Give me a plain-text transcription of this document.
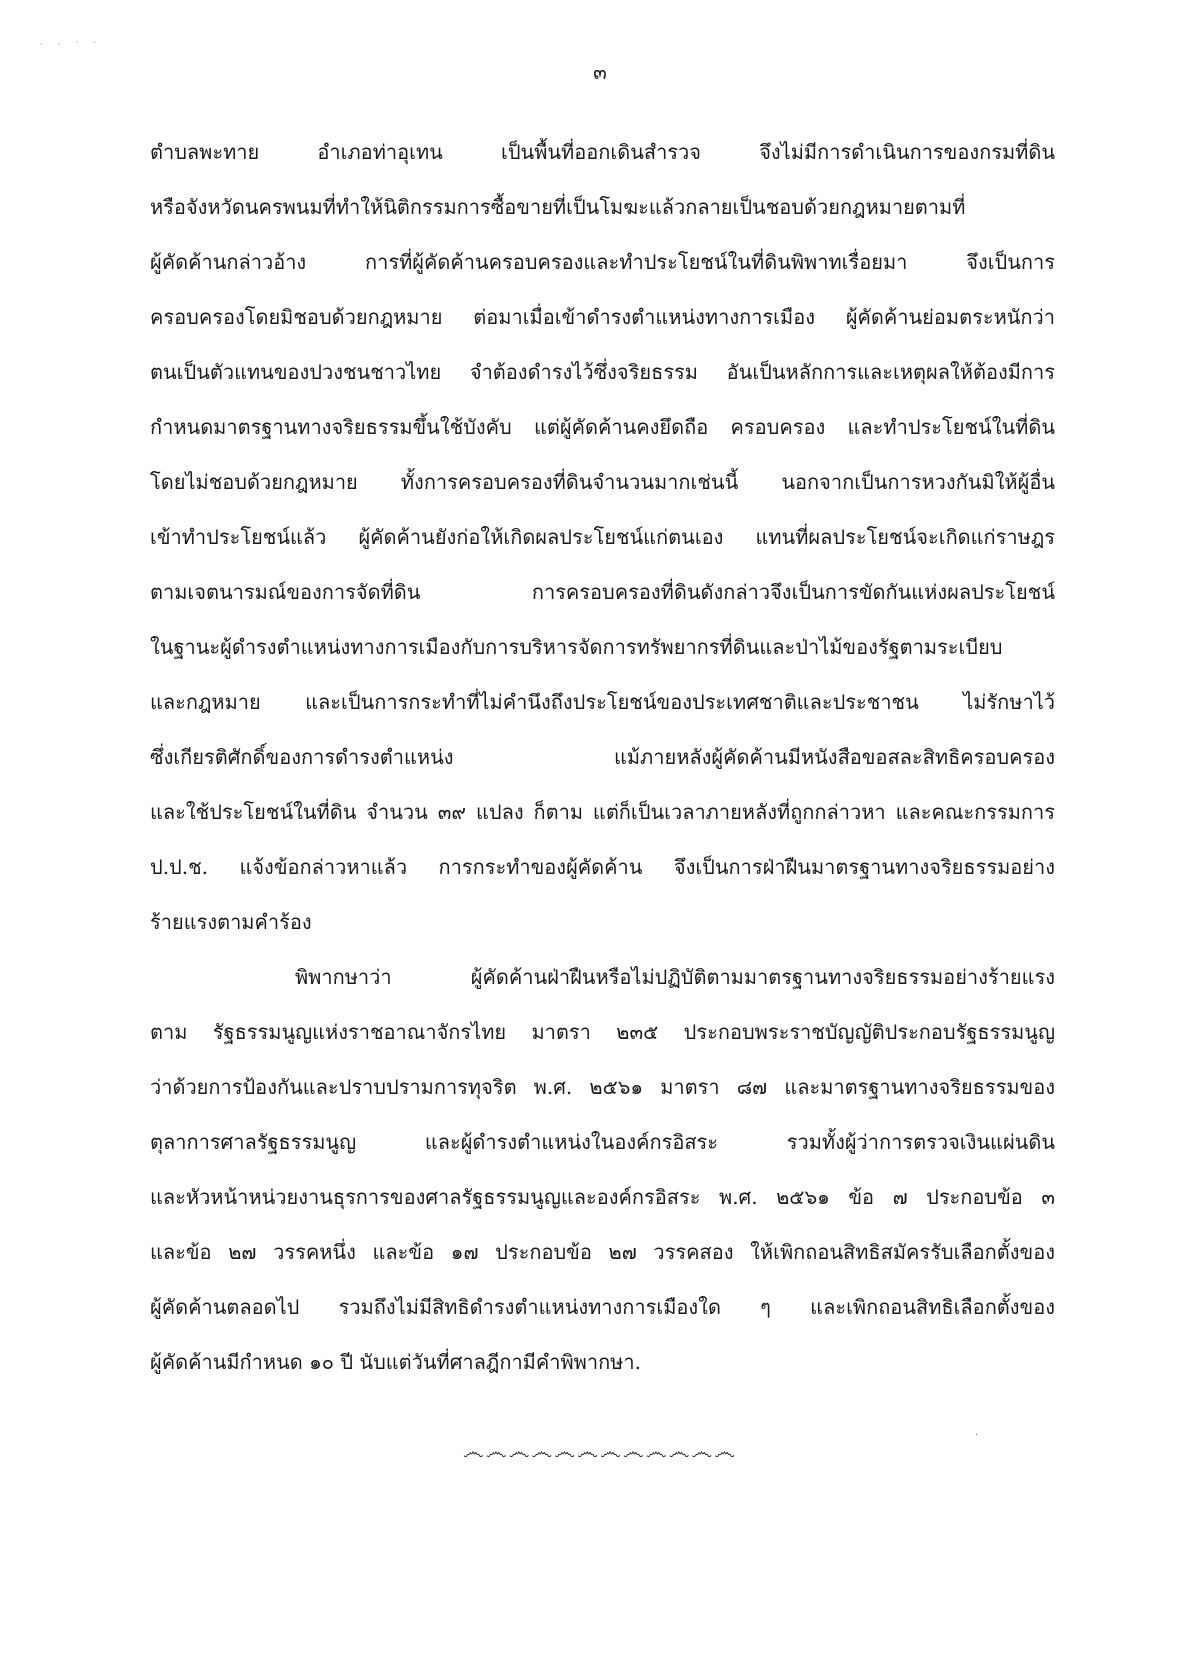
. . · ·
๓
ตำบลพะทาย อำเภอท่าอุเทน เป็นพื้นที่ออกเดินสำรวจ จึงไม่มีการดำเนินการของกรมที่ดิน
หรือจังหวัดนครพนมที่ทำให้นิติกรรมการซื้อขายที่เป็นโมฆะแล้วกลายเป็นชอบด้วยกฎหมายตามที่
ผู้คัดค้านกล่าวอ้าง การที่ผู้คัดค้านครอบครองและทำประโยชน์ในที่ดินพิพาทเรื่อยมา จึงเป็นการ
ครอบครองโดยมิชอบด้วยกฎหมาย ต่อมาเมื่อเข้าดำรงตำแหน่งทางการเมือง ผู้คัดค้านย่อมตระหนักว่า
ตนเป็นตัวแทนของปวงชนชาวไทย จำต้องดำรงไว้ซึ่งจริยธรรม อันเป็นหลักการและเหตุผลให้ต้องมีการ
กำหนดมาตรฐานทางจริยธรรมขึ้นใช้บังคับ แต่ผู้คัดค้านคงยึดถือ ครอบครอง และทำประโยชน์ในที่ดิน
โดยไม่ชอบด้วยกฎหมาย ทั้งการครอบครองที่ดินจำนวนมากเช่นนี้ นอกจากเป็นการหวงกันมิให้ผู้อื่น
เข้าทำประโยชน์แล้ว ผู้คัดค้านยังก่อให้เกิดผลประโยชน์แก่ตนเอง แทนที่ผลประโยชน์จะเกิดแก่ราษฎร
ตามเจตนารมณ์ของการจัดที่ดิน การครอบครองที่ดินดังกล่าวจึงเป็นการขัดกันแห่งผลประโยชน์
ในฐานะผู้ดำรงตำแหน่งทางการเมืองกับการบริหารจัดการทรัพยากรที่ดินและป่าไม้ของรัฐตามระเบียบ
และกฎหมาย และเป็นการกระทำที่ไม่คำนึงถึงประโยชน์ของประเทศชาติและประชาชน ไม่รักษาไว้
ซึ่งเกียรติศักดิ์ของการดำรงตำแหน่ง แม้ภายหลังผู้คัดค้านมีหนังสือขอสละสิทธิครอบครอง
และใช้ประโยชน์ในที่ดิน จำนวน ๓๙ แปลง ก็ตาม แต่ก็เป็นเวลาภายหลังที่ถูกกล่าวหา และคณะกรรมการ
ป.ป.ช. แจ้งข้อกล่าวหาแล้ว การกระทำของผู้คัดค้าน จึงเป็นการฝ่าฝืนมาตรฐานทางจริยธรรมอย่าง
ร้ายแรงตามคำร้อง
พิพากษาว่า ผู้คัดค้านฝ่าฝืนหรือไม่ปฏิบัติตามมาตรฐานทางจริยธรรมอย่างร้ายแรง
ตาม รัฐธรรมนูญแห่งราชอาณาจักรไทย มาตรา ๒๓๕ ประกอบพระราชบัญญัติประกอบรัฐธรรมนูญ
ว่าด้วยการป้องกันและปราบปรามการทุจริต พ.ศ. ๒๕๖๑ มาตรา ๘๗ และมาตรฐานทางจริยธรรมของ
ตุลาการศาลรัฐธรรมนูญ และผู้ดำรงตำแหน่งในองค์กรอิสระ รวมทั้งผู้ว่าการตรวจเงินแผ่นดิน
และหัวหน้าหน่วยงานธุรการของศาลรัฐธรรมนูญและองค์กรอิสระ พ.ศ. ๒๕๖๑ ข้อ ๗ ประกอบข้อ ๓
และข้อ ๒๗ วรรคหนึ่ง และข้อ ๑๗ ประกอบข้อ ๒๗ วรรคสอง ให้เพิกถอนสิทธิสมัครรับเลือกตั้งของ
ผู้คัดค้านตลอดไป รวมถึงไม่มีสิทธิดำรงตำแหน่งทางการเมืองใด ๆ และเพิกถอนสิทธิเลือกตั้งของ
ผู้คัดค้านมีกำหนด ๑๐ ปี นับแต่วันที่ศาลฎีกามีคำพิพากษา.
෴෴෴෴෴෴෴෴෴෴෴෴
·
